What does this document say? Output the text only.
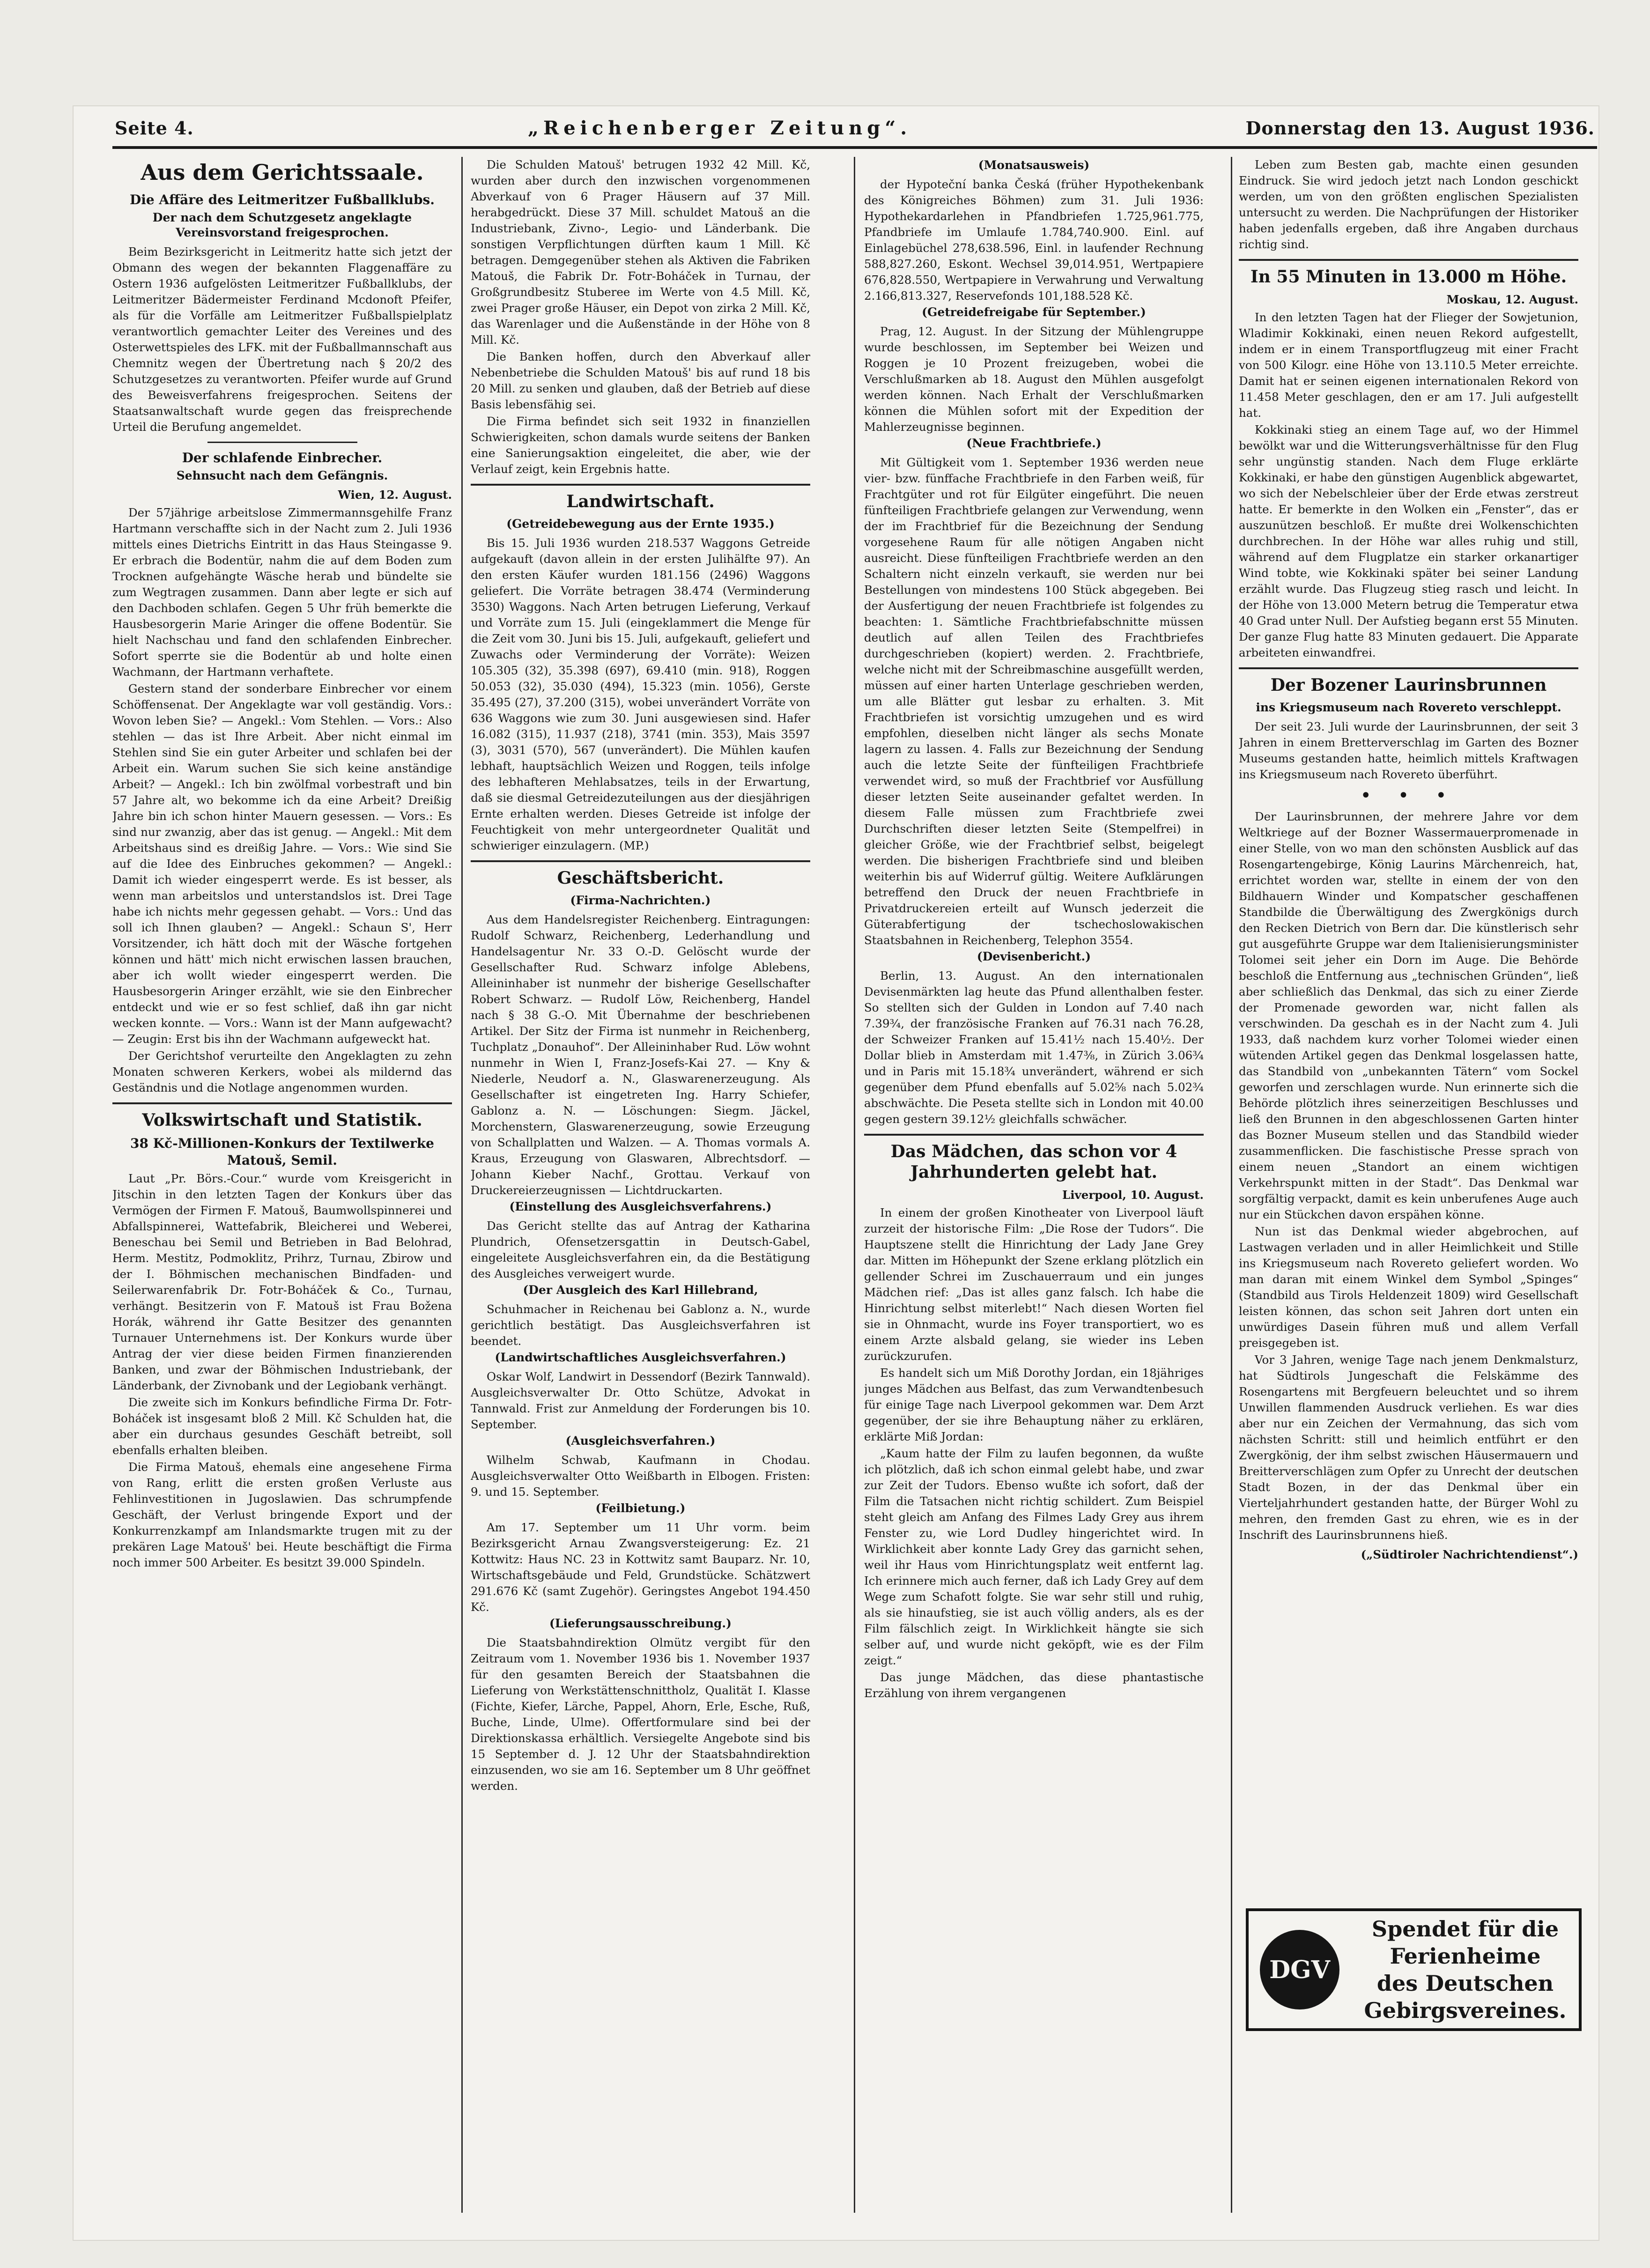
Seite 4.	„Reichenberger Zeitung“.	Donnerstag den 13. August 1936.
Aus dem Gerichtssaale.
Die Affäre des Leitmeritzer Fußballklubs.
Der nach dem Schutzgesetz angeklagte Vereinsvorstand freigesprochen.

Beim Bezirksgericht in Leitmeritz hatte sich jetzt der Obmann des wegen der bekannten Flaggenaffäre zu Ostern 1936 aufgelösten Leitmeritzer Fußballklubs, der Leitmeritzer Bädermeister Ferdinand Mcdonoft Pfeifer, als für die Vorfälle am Leitmeritzer Fußballspielplatz verantwortlich gemachter Leiter des Vereines und des Osterwettspieles des LFK. mit der Fußballmannschaft aus Chemnitz wegen der Übertretung nach § 20/2 des Schutzgesetzes zu verantworten. Pfeifer wurde auf Grund des Beweisverfahrens freigesprochen. Seitens der Staatsanwaltschaft wurde gegen das freisprechende Urteil die Berufung angemeldet.

Der schlafende Einbrecher.
Sehnsucht nach dem Gefängnis.
Wien, 12. August.

Der 57jährige arbeitslose Zimmermannsgehilfe Franz Hartmann verschaffte sich in der Nacht zum 2. Juli 1936 mittels eines Dietrichs Eintritt in das Haus Steingasse 9. Er erbrach die Bodentür, nahm die auf dem Boden zum Trocknen aufgehängte Wäsche herab und bündelte sie zum Wegtragen zusammen. Dann aber legte er sich auf den Dachboden schlafen. Gegen 5 Uhr früh bemerkte die Hausbesorgerin Marie Aringer die offene Bodentür. Sie hielt Nachschau und fand den schlafenden Einbrecher. Sofort sperrte sie die Bodentür ab und holte einen Wachmann, der Hartmann verhaftete.

Gestern stand der sonderbare Einbrecher vor einem Schöffensenat. Der Angeklagte war voll geständig. Vors.: Wovon leben Sie? — Angekl.: Vom Stehlen. — Vors.: Also stehlen — das ist Ihre Arbeit. Aber nicht einmal im Stehlen sind Sie ein guter Arbeiter und schlafen bei der Arbeit ein. Warum suchen Sie sich keine anständige Arbeit? — Angekl.: Ich bin zwölfmal vorbestraft und bin 57 Jahre alt, wo bekomme ich da eine Arbeit? Dreißig Jahre bin ich schon hinter Mauern gesessen. — Vors.: Es sind nur zwanzig, aber das ist genug. — Angekl.: Mit dem Arbeitshaus sind es dreißig Jahre. — Vors.: Wie sind Sie auf die Idee des Einbruches gekommen? — Angekl.: Damit ich wieder eingesperrt werde. Es ist besser, als wenn man arbeitslos und unterstandslos ist. Drei Tage habe ich nichts mehr gegessen gehabt. — Vors.: Und das soll ich Ihnen glauben? — Angekl.: Schaun S', Herr Vorsitzender, ich hätt doch mit der Wäsche fortgehen können und hätt' mich nicht erwischen lassen brauchen, aber ich wollt wieder eingesperrt werden. Die Hausbesorgerin Aringer erzählt, wie sie den Einbrecher entdeckt und wie er so fest schlief, daß ihn gar nicht wecken konnte. — Vors.: Wann ist der Mann aufgewacht? — Zeugin: Erst bis ihn der Wachmann aufgeweckt hat.

Der Gerichtshof verurteilte den Angeklagten zu zehn Monaten schweren Kerkers, wobei als mildernd das Geständnis und die Notlage angenommen wurden.

Volkswirtschaft und Statistik.
38 Kč-Millionen-Konkurs der Textilwerke Matouš, Semil.

Laut „Pr. Börs.-Cour.“ wurde vom Kreisgericht in Jitschin in den letzten Tagen der Konkurs über das Vermögen der Firmen F. Matouš, Baumwollspinnerei und Abfallspinnerei, Wattefabrik, Bleicherei und Weberei, Beneschau bei Semil und Betrieben in Bad Belohrad, Herm. Mestitz, Podmoklitz, Prihrz, Turnau, Zbirow und der I. Böhmischen mechanischen Bindfaden- und Seilerwarenfabrik Dr. Fotr-Boháček & Co., Turnau, verhängt. Besitzerin von F. Matouš ist Frau Božena Horák, während ihr Gatte Besitzer des genannten Turnauer Unternehmens ist. Der Konkurs wurde über Antrag der vier diese beiden Firmen finanzierenden Banken, und zwar der Böhmischen Industriebank, der Länderbank, der Zivnobank und der Legiobank verhängt.

Die zweite sich im Konkurs befindliche Firma Dr. Fotr-Boháček ist insgesamt bloß 2 Mill. Kč Schulden hat, die aber ein durchaus gesundes Geschäft betreibt, soll ebenfalls erhalten bleiben.

Die Firma Matouš, ehemals eine angesehene Firma von Rang, erlitt die ersten großen Verluste aus Fehlinvestitionen in Jugoslawien. Das schrumpfende Geschäft, der Verlust bringende Export und der Konkurrenzkampf am Inlandsmarkte trugen mit zu der prekären Lage Matouš' bei. Heute beschäftigt die Firma noch immer 500 Arbeiter. Es besitzt 39.000 Spindeln.

Die Schulden Matouš' betrugen 1932 42 Mill. Kč, wurden aber durch den inzwischen vorgenommenen Abverkauf von 6 Prager Häusern auf 37 Mill. herabgedrückt. Diese 37 Mill. schuldet Matouš an die Industriebank, Zivno-, Legio- und Länderbank. Die sonstigen Verpflichtungen dürften kaum 1 Mill. Kč betragen. Demgegenüber stehen als Aktiven die Fabriken Matouš, die Fabrik Dr. Fotr-Boháček in Turnau, der Großgrundbesitz Stuberee im Werte von 4.5 Mill. Kč, zwei Prager große Häuser, ein Depot von zirka 2 Mill. Kč, das Warenlager und die Außenstände in der Höhe von 8 Mill. Kč.

Die Banken hoffen, durch den Abverkauf aller Nebenbetriebe die Schulden Matouš' bis auf rund 18 bis 20 Mill. zu senken und glauben, daß der Betrieb auf diese Basis lebensfähig sei.

Die Firma befindet sich seit 1932 in finanziellen Schwierigkeiten, schon damals wurde seitens der Banken eine Sanierungsaktion eingeleitet, die aber, wie der Verlauf zeigt, kein Ergebnis hatte.

Landwirtschaft.
(Getreidebewegung aus der Ernte 1935.)

Bis 15. Juli 1936 wurden 218.537 Waggons Getreide aufgekauft (davon allein in der ersten Julihälfte 97). An den ersten Käufer wurden 181.156 (2496) Waggons geliefert. Die Vorräte betragen 38.474 (Verminderung 3530) Waggons. Nach Arten betrugen Lieferung, Verkauf und Vorräte zum 15. Juli (eingeklammert die Menge für die Zeit vom 30. Juni bis 15. Juli, aufgekauft, geliefert und Zuwachs oder Verminderung der Vorräte): Weizen 105.305 (32), 35.398 (697), 69.410 (min. 918), Roggen 50.053 (32), 35.030 (494), 15.323 (min. 1056), Gerste 35.495 (27), 37.200 (315), wobei unverändert Vorräte von 636 Waggons wie zum 30. Juni ausgewiesen sind. Hafer 16.082 (315), 11.937 (218), 3741 (min. 353), Mais 3597 (3), 3031 (570), 567 (unverändert). Die Mühlen kaufen lebhaft, hauptsächlich Weizen und Roggen, teils infolge des lebhafteren Mehlabsatzes, teils in der Erwartung, daß sie diesmal Getreidezuteilungen aus der diesjährigen Ernte erhalten werden. Dieses Getreide ist infolge der Feuchtigkeit von mehr untergeordneter Qualität und schwieriger einzulagern. (MP.)

Geschäftsbericht.
(Firma-Nachrichten.)

Aus dem Handelsregister Reichenberg. Eintragungen: Rudolf Schwarz, Reichenberg, Lederhandlung und Handelsagentur Nr. 33 O.-D. Gelöscht wurde der Gesellschafter Rud. Schwarz infolge Ablebens, Alleininhaber ist nunmehr der bisherige Gesellschafter Robert Schwarz. — Rudolf Löw, Reichenberg, Handel nach § 38 G.-O. Mit Übernahme der beschriebenen Artikel. Der Sitz der Firma ist nunmehr in Reichenberg, Tuchplatz „Donauhof“. Der Alleininhaber Rud. Löw wohnt nunmehr in Wien I, Franz-Josefs-Kai 27. — Kny & Niederle, Neudorf a. N., Glaswarenerzeugung. Als Gesellschafter ist eingetreten Ing. Harry Schiefer, Gablonz a. N. — Löschungen: Siegm. Jäckel, Morchenstern, Glaswarenerzeugung, sowie Erzeugung von Schallplatten und Walzen. — A. Thomas vormals A. Kraus, Erzeugung von Glaswaren, Albrechtsdorf. — Johann Kieber Nachf., Grottau. Verkauf von Druckereierzeugnissen — Lichtdruckarten.

(Einstellung des Ausgleichsverfahrens.)

Das Gericht stellte das auf Antrag der Katharina Plundrich, Ofensetzersgattin in Deutsch-Gabel, eingeleitete Ausgleichsverfahren ein, da die Bestätigung des Ausgleiches verweigert wurde.

(Der Ausgleich des Karl Hillebrand,

Schuhmacher in Reichenau bei Gablonz a. N., wurde gerichtlich bestätigt. Das Ausgleichsverfahren ist beendet.

(Landwirtschaftliches Ausgleichsverfahren.)

Oskar Wolf, Landwirt in Dessendorf (Bezirk Tannwald). Ausgleichsverwalter Dr. Otto Schütze, Advokat in Tannwald. Frist zur Anmeldung der Forderungen bis 10. September.

(Ausgleichsverfahren.)

Wilhelm Schwab, Kaufmann in Chodau. Ausgleichsverwalter Otto Weißbarth in Elbogen. Fristen: 9. und 15. September.

(Feilbietung.)

Am 17. September um 11 Uhr vorm. beim Bezirksgericht Arnau Zwangsversteigerung: Ez. 21 Kottwitz: Haus NC. 23 in Kottwitz samt Bauparz. Nr. 10, Wirtschaftsgebäude und Feld, Grundstücke. Schätzwert 291.676 Kč (samt Zugehör). Geringstes Angebot 194.450 Kč.

(Lieferungsausschreibung.)

Die Staatsbahndirektion Olmütz vergibt für den Zeitraum vom 1. November 1936 bis 1. November 1937 für den gesamten Bereich der Staatsbahnen die Lieferung von Werkstättenschnittholz, Qualität I. Klasse (Fichte, Kiefer, Lärche, Pappel, Ahorn, Erle, Esche, Ruß, Buche, Linde, Ulme). Offertformulare sind bei der Direktionskassa erhältlich. Versiegelte Angebote sind bis 15 September d. J. 12 Uhr der Staatsbahndirektion einzusenden, wo sie am 16. September um 8 Uhr geöffnet werden.

(Monatsausweis)

der Hypoteční banka Česká (früher Hypothekenbank des Königreiches Böhmen) zum 31. Juli 1936: Hypothekardarlehen in Pfandbriefen 1.725,961.775, Pfandbriefe im Umlaufe 1.784,740.900. Einl. auf Einlagebüchel 278,638.596, Einl. in laufender Rechnung 588,827.260, Eskont. Wechsel 39,014.951, Wertpapiere 676,828.550, Wertpapiere in Verwahrung und Verwaltung 2.166,813.327, Reservefonds 101,188.528 Kč.

(Getreidefreigabe für September.)

Prag, 12. August. In der Sitzung der Mühlengruppe wurde beschlossen, im September bei Weizen und Roggen je 10 Prozent freizugeben, wobei die Verschlußmarken ab 18. August den Mühlen ausgefolgt werden können. Nach Erhalt der Verschlußmarken können die Mühlen sofort mit der Expedition der Mahlerzeugnisse beginnen.

(Neue Frachtbriefe.)

Mit Gültigkeit vom 1. September 1936 werden neue vier- bzw. fünffache Frachtbriefe in den Farben weiß, für Frachtgüter und rot für Eilgüter eingeführt. Die neuen fünfteiligen Frachtbriefe gelangen zur Verwendung, wenn der im Frachtbrief für die Bezeichnung der Sendung vorgesehene Raum für alle nötigen Angaben nicht ausreicht. Diese fünfteiligen Frachtbriefe werden an den Schaltern nicht einzeln verkauft, sie werden nur bei Bestellungen von mindestens 100 Stück abgegeben. Bei der Ausfertigung der neuen Frachtbriefe ist folgendes zu beachten: 1. Sämtliche Frachtbriefabschnitte müssen deutlich auf allen Teilen des Frachtbriefes durchgeschrieben (kopiert) werden. 2. Frachtbriefe, welche nicht mit der Schreibmaschine ausgefüllt werden, müssen auf einer harten Unterlage geschrieben werden, um alle Blätter gut lesbar zu erhalten. 3. Mit Frachtbriefen ist vorsichtig umzugehen und es wird empfohlen, dieselben nicht länger als sechs Monate lagern zu lassen. 4. Falls zur Bezeichnung der Sendung auch die letzte Seite der fünfteiligen Frachtbriefe verwendet wird, so muß der Frachtbrief vor Ausfüllung dieser letzten Seite auseinander gefaltet werden. In diesem Falle müssen zum Frachtbriefe zwei Durchschriften dieser letzten Seite (Stempelfrei) in gleicher Größe, wie der Frachtbrief selbst, beigelegt werden. Die bisherigen Frachtbriefe sind und bleiben weiterhin bis auf Widerruf gültig. Weitere Aufklärungen betreffend den Druck der neuen Frachtbriefe in Privatdruckereien erteilt auf Wunsch jederzeit die Güterabfertigung der tschechoslowakischen Staatsbahnen in Reichenberg, Telephon 3554.

(Devisenbericht.)

Berlin, 13. August. An den internationalen Devisenmärkten lag heute das Pfund allenthalben fester. So stellten sich der Gulden in London auf 7.40 nach 7.39¾, der französische Franken auf 76.31 nach 76.28, der Schweizer Franken auf 15.41½ nach 15.40½. Der Dollar blieb in Amsterdam mit 1.47⅜, in Zürich 3.06¾ und in Paris mit 15.18¾ unverändert, während er sich gegenüber dem Pfund ebenfalls auf 5.02⅝ nach 5.02¾ abschwächte. Die Peseta stellte sich in London mit 40.00 gegen gestern 39.12½ gleichfalls schwächer.

Das Mädchen, das schon vor 4 Jahrhunderten gelebt hat.
Liverpool, 10. August.

In einem der großen Kinotheater von Liverpool läuft zurzeit der historische Film: „Die Rose der Tudors“. Die Hauptszene stellt die Hinrichtung der Lady Jane Grey dar. Mitten im Höhepunkt der Szene erklang plötzlich ein gellender Schrei im Zuschauerraum und ein junges Mädchen rief: „Das ist alles ganz falsch. Ich habe die Hinrichtung selbst miterlebt!“ Nach diesen Worten fiel sie in Ohnmacht, wurde ins Foyer transportiert, wo es einem Arzte alsbald gelang, sie wieder ins Leben zurückzurufen.

Es handelt sich um Miß Dorothy Jordan, ein 18jähriges junges Mädchen aus Belfast, das zum Verwandtenbesuch für einige Tage nach Liverpool gekommen war. Dem Arzt gegenüber, der sie ihre Behauptung näher zu erklären, erklärte Miß Jordan:

„Kaum hatte der Film zu laufen begonnen, da wußte ich plötzlich, daß ich schon einmal gelebt habe, und zwar zur Zeit der Tudors. Ebenso wußte ich sofort, daß der Film die Tatsachen nicht richtig schildert. Zum Beispiel steht gleich am Anfang des Filmes Lady Grey aus ihrem Fenster zu, wie Lord Dudley hingerichtet wird. In Wirklichkeit aber konnte Lady Grey das garnicht sehen, weil ihr Haus vom Hinrichtungsplatz weit entfernt lag. Ich erinnere mich auch ferner, daß ich Lady Grey auf dem Wege zum Schafott folgte. Sie war sehr still und ruhig, als sie hinaufstieg, sie ist auch völlig anders, als es der Film fälschlich zeigt. In Wirklichkeit hängte sie sich selber auf, und wurde nicht geköpft, wie es der Film zeigt.“

Das junge Mädchen, das diese phantastische Erzählung von ihrem vergangenen

Leben zum Besten gab, machte einen gesunden Eindruck. Sie wird jedoch jetzt nach London geschickt werden, um von den größten englischen Spezialisten untersucht zu werden. Die Nachprüfungen der Historiker haben jedenfalls ergeben, daß ihre Angaben durchaus richtig sind.

In 55 Minuten in 13.000 m Höhe.
Moskau, 12. August.

In den letzten Tagen hat der Flieger der Sowjetunion, Wladimir Kokkinaki, einen neuen Rekord aufgestellt, indem er in einem Transportflugzeug mit einer Fracht von 500 Kilogr. eine Höhe von 13.110.5 Meter erreichte. Damit hat er seinen eigenen internationalen Rekord von 11.458 Meter geschlagen, den er am 17. Juli aufgestellt hat.

Kokkinaki stieg an einem Tage auf, wo der Himmel bewölkt war und die Witterungsverhältnisse für den Flug sehr ungünstig standen. Nach dem Fluge erklärte Kokkinaki, er habe den günstigen Augenblick abgewartet, wo sich der Nebelschleier über der Erde etwas zerstreut hatte. Er bemerkte in den Wolken ein „Fenster“, das er auszunützen beschloß. Er mußte drei Wolkenschichten durchbrechen. In der Höhe war alles ruhig und still, während auf dem Flugplatze ein starker orkanartiger Wind tobte, wie Kokkinaki später bei seiner Landung erzählt wurde. Das Flugzeug stieg rasch und leicht. In der Höhe von 13.000 Metern betrug die Temperatur etwa 40 Grad unter Null. Der Aufstieg begann erst 55 Minuten. Der ganze Flug hatte 83 Minuten gedauert. Die Apparate arbeiteten einwandfrei.

Der Bozener Laurinsbrunnen
ins Kriegsmuseum nach Rovereto verschleppt.

Der seit 23. Juli wurde der Laurinsbrunnen, der seit 3 Jahren in einem Bretterverschlag im Garten des Bozner Museums gestanden hatte, heimlich mittels Kraftwagen ins Kriegsmuseum nach Rovereto überführt.

• • •

Der Laurinsbrunnen, der mehrere Jahre vor dem Weltkriege auf der Bozner Wassermauerpromenade in einer Stelle, von wo man den schönsten Ausblick auf das Rosengartengebirge, König Laurins Märchenreich, hat, errichtet worden war, stellte in einem der von den Bildhauern Winder und Kompatscher geschaffenen Standbilde die Überwältigung des Zwergkönigs durch den Recken Dietrich von Bern dar. Die künstlerisch sehr gut ausgeführte Gruppe war dem Italienisierungsminister Tolomei seit jeher ein Dorn im Auge. Die Behörde beschloß die Entfernung aus „technischen Gründen“, ließ aber schließlich das Denkmal, das sich zu einer Zierde der Promenade geworden war, nicht fallen als verschwinden. Da geschah es in der Nacht zum 4. Juli 1933, daß nachdem kurz vorher Tolomei wieder einen wütenden Artikel gegen das Denkmal losgelassen hatte, das Standbild von „unbekannten Tätern“ vom Sockel geworfen und zerschlagen wurde. Nun erinnerte sich die Behörde plötzlich ihres seinerzeitigen Beschlusses und ließ den Brunnen in den abgeschlossenen Garten hinter das Bozner Museum stellen und das Standbild wieder zusammenflicken. Die faschistische Presse sprach von einem neuen „Standort an einem wichtigen Verkehrspunkt mitten in der Stadt“. Das Denkmal war sorgfältig verpackt, damit es kein unberufenes Auge auch nur ein Stückchen davon erspähen könne.

Nun ist das Denkmal wieder abgebrochen, auf Lastwagen verladen und in aller Heimlichkeit und Stille ins Kriegsmuseum nach Rovereto geliefert worden. Wo man daran mit einem Winkel dem Symbol „Spinges“ (Standbild aus Tirols Heldenzeit 1809) wird Gesellschaft leisten können, das schon seit Jahren dort unten ein unwürdiges Dasein führen muß und allem Verfall preisgegeben ist.

Vor 3 Jahren, wenige Tage nach jenem Denkmalsturz, hat Südtirols Jungeschaft die Felskämme des Rosengartens mit Bergfeuern beleuchtet und so ihrem Unwillen flammenden Ausdruck verliehen. Es war dies aber nur ein Zeichen der Vermahnung, das sich vom nächsten Schritt: still und heimlich entführt er den Zwergkönig, der ihm selbst zwischen Häusermauern und Breitterverschlägen zum Opfer zu Unrecht der deutschen Stadt Bozen, in der das Denkmal über ein Vierteljahrhundert gestanden hatte, der Bürger Wohl zu mehren, den fremden Gast zu ehren, wie es in der Inschrift des Laurinsbrunnens hieß.

(„Südtiroler Nachrichtendienst“.)
DGV
Spendet für die
Ferienheime
des Deutschen
Gebirgsvereines.
